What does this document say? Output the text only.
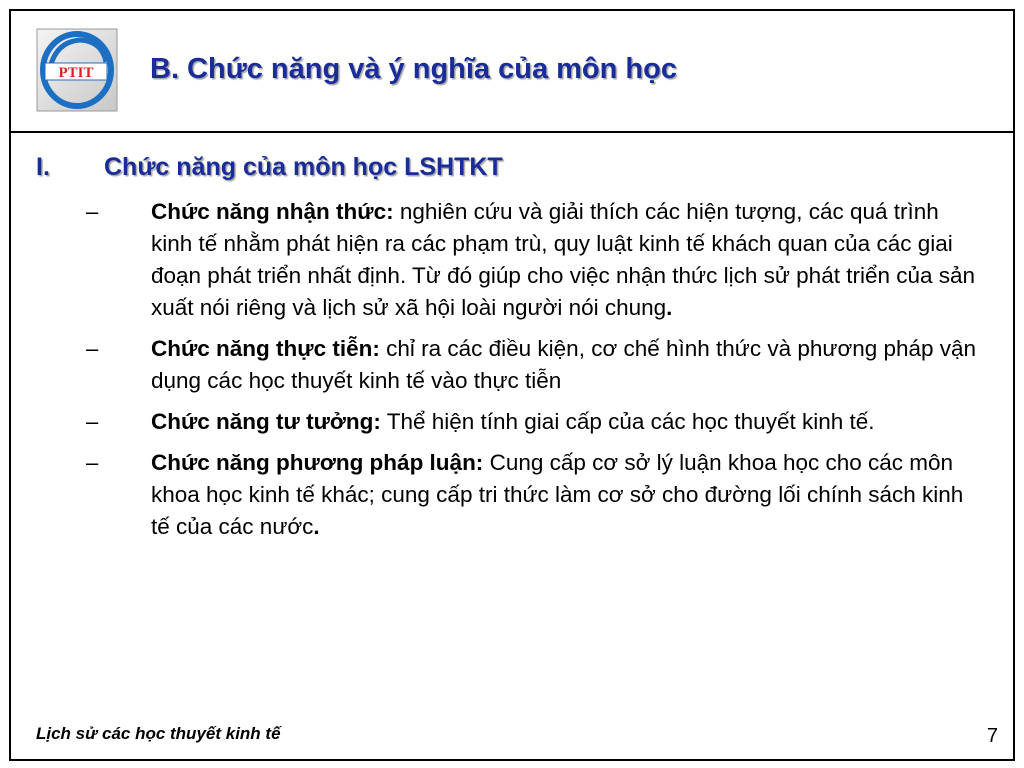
PTIT B. Chức năng và ý nghĩa của môn học
I. Chức năng của môn học LSHTKT
– Chức năng nhận thức: nghiên cứu và giải thích các hiện tượng, các quá trình kinh tế nhằm phát hiện ra các phạm trù, quy luật kinh tế khách quan của các giai đoạn phát triển nhất định. Từ đó giúp cho việc nhận thức lịch sử phát triển của sản xuất nói riêng và lịch sử xã hội loài người nói chung.
– Chức năng thực tiễn: chỉ ra các điều kiện, cơ chế hình thức và phương pháp vận dụng các học thuyết kinh tế vào thực tiễn
– Chức năng tư tưởng: Thể hiện tính giai cấp của các học thuyết kinh tế.
– Chức năng phương pháp luận: Cung cấp cơ sở lý luận khoa học cho các môn khoa học kinh tế khác; cung cấp tri thức làm cơ sở cho đường lối chính sách kinh tế của các nước.
Lịch sử các học thuyết kinh tế	7
